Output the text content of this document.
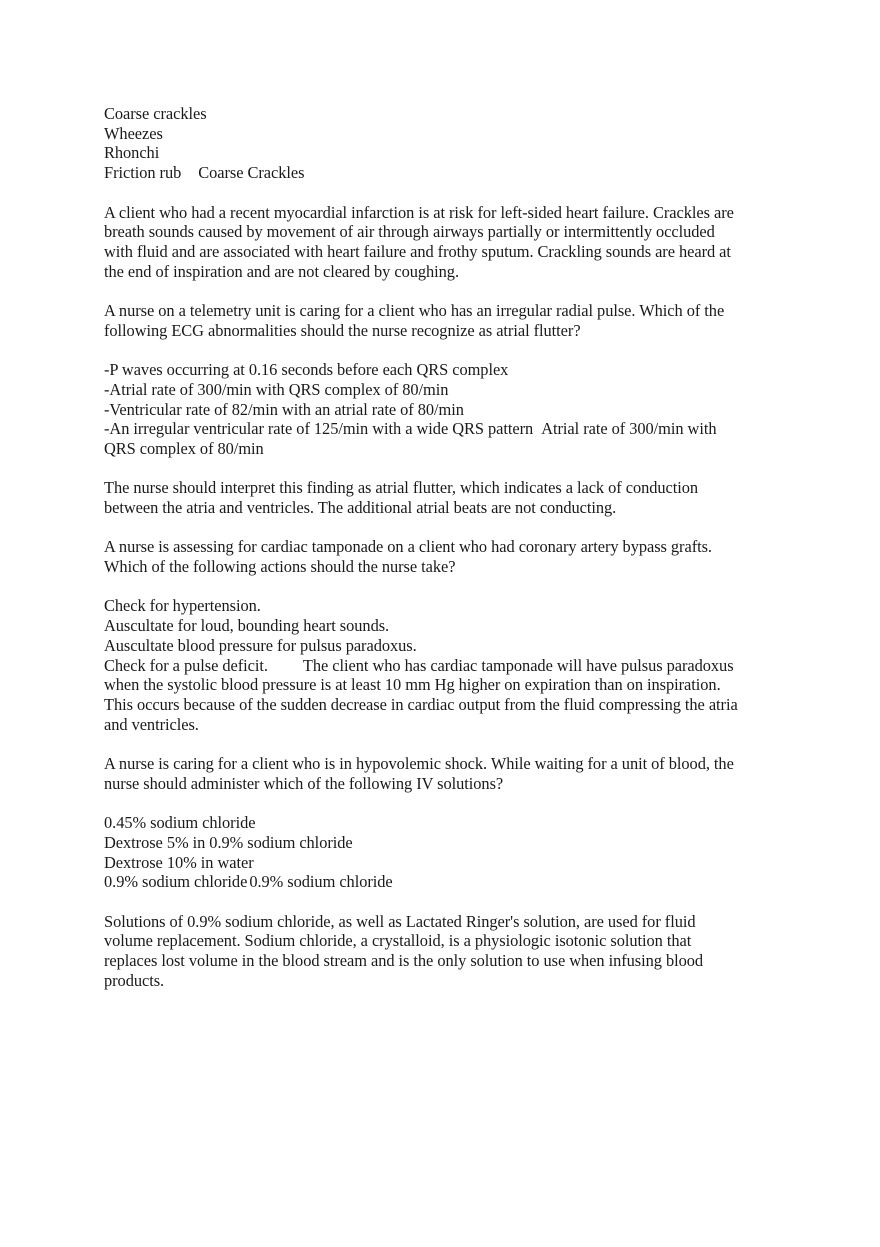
Coarse crackles
Wheezes
Rhonchi
Friction rub Coarse Crackles
A client who had a recent myocardial infarction is at risk for left-sided heart failure. Crackles are
breath sounds caused by movement of air through airways partially or intermittently occluded
with fluid and are associated with heart failure and frothy sputum. Crackling sounds are heard at
the end of inspiration and are not cleared by coughing.
A nurse on a telemetry unit is caring for a client who has an irregular radial pulse. Which of the
following ECG abnormalities should the nurse recognize as atrial flutter?
-P waves occurring at 0.16 seconds before each QRS complex
-Atrial rate of 300/min with QRS complex of 80/min
-Ventricular rate of 82/min with an atrial rate of 80/min
-An irregular ventricular rate of 125/min with a wide QRS pattern Atrial rate of 300/min with
QRS complex of 80/min
The nurse should interpret this finding as atrial flutter, which indicates a lack of conduction
between the atria and ventricles. The additional atrial beats are not conducting.
A nurse is assessing for cardiac tamponade on a client who had coronary artery bypass grafts.
Which of the following actions should the nurse take?
Check for hypertension.
Auscultate for loud, bounding heart sounds.
Auscultate blood pressure for pulsus paradoxus.
Check for a pulse deficit. The client who has cardiac tamponade will have pulsus paradoxus
when the systolic blood pressure is at least 10 mm Hg higher on expiration than on inspiration.
This occurs because of the sudden decrease in cardiac output from the fluid compressing the atria
and ventricles.
A nurse is caring for a client who is in hypovolemic shock. While waiting for a unit of blood, the
nurse should administer which of the following IV solutions?
0.45% sodium chloride
Dextrose 5% in 0.9% sodium chloride
Dextrose 10% in water
0.9% sodium chloride 0.9% sodium chloride
Solutions of 0.9% sodium chloride, as well as Lactated Ringer's solution, are used for fluid
volume replacement. Sodium chloride, a crystalloid, is a physiologic isotonic solution that
replaces lost volume in the blood stream and is the only solution to use when infusing blood
products.
